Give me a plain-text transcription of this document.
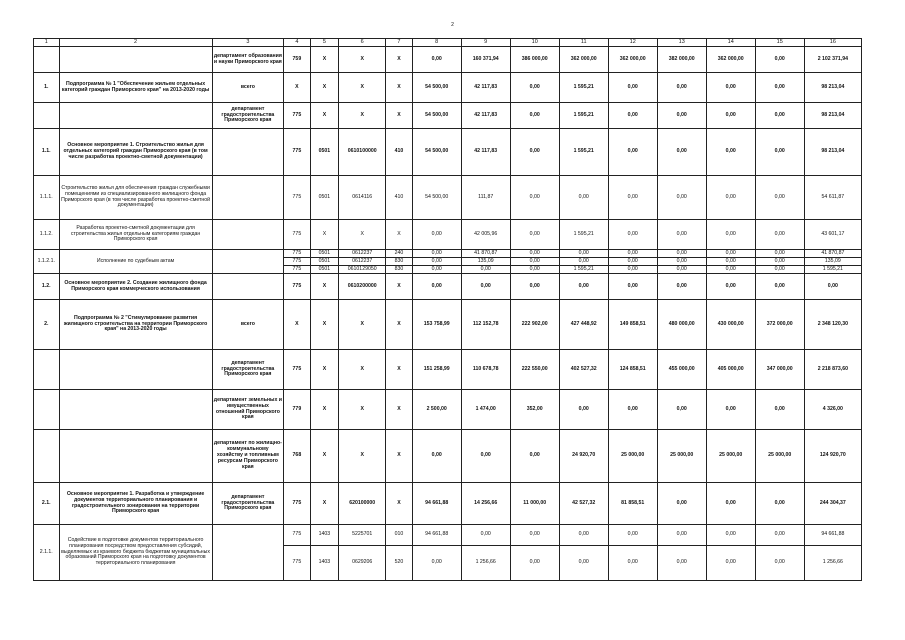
2
1	2	3	4	5	6	7	8	9	10	11	12	13	14	15	16
		департамент образования и науки Приморского края	759	X	X	X	0,00	160 371,94	386 000,00	362 000,00	362 000,00	382 000,00	362 000,00	0,00	2 102 371,94
1.	Подпрограмма № 1 "Обеспечение жильем отдельных категорий граждан Приморского края" на 2013-2020 годы	всего	X	X	X	X	54 500,00	42 117,83	0,00	1 595,21	0,00	0,00	0,00	0,00	98 213,04
		департамент градостроительства Приморского края	775	X	X	X	54 500,00	42 117,83	0,00	1 595,21	0,00	0,00	0,00	0,00	98 213,04
1.1.	Основное мероприятие 1. Строительство жилья для отдельных категорий граждан Приморского края (в том числе разработка проектно-сметной документации)		775	0501	0610100000	410	54 500,00	42 117,83	0,00	1 595,21	0,00	0,00	0,00	0,00	98 213,04
1.1.1.	Строительство жилья для обеспечения граждан служебными помещениями из специализированного жилищного фонда Приморского края (в том числе разработка проектно-сметной документации)		775	0501	0614116	410	54 500,00	111,87	0,00	0,00	0,00	0,00	0,00	0,00	54 611,87
1.1.2.	Разработка проектно-сметной документации для строительства жилья отдельным категориям граждан Приморского края		775	X	X	X	0,00	42 005,96	0,00	1 595,21	0,00	0,00	0,00	0,00	43 601,17
1.1.2.1.	Исполнение по судебным актам		775	0501	0612237	240	0,00	41 870,87	0,00	0,00	0,00	0,00	0,00	0,00	41 870,87
			775	0501	0612237	830	0,00	135,09	0,00	0,00	0,00	0,00	0,00	0,00	135,09
			775	0501	0610129050	830	0,00	0,00	0,00	1 595,21	0,00	0,00	0,00	0,00	1 595,21
1.2.	Основное мероприятие 2. Создание жилищного фонда Приморского края коммерческого использования		775	X	0610200000	X	0,00	0,00	0,00	0,00	0,00	0,00	0,00	0,00	0,00
2.	Подпрограмма № 2 "Стимулирование развития жилищного строительства на территории Приморского края" на 2013-2020 годы	всего	X	X	X	X	153 758,99	112 152,78	222 902,00	427 448,92	149 858,51	480 000,00	430 000,00	372 000,00	2 348 120,30
		департамент градостроительства Приморского края	775	X	X	X	151 258,99	110 678,78	222 550,00	402 527,32	124 858,51	455 000,00	405 000,00	347 000,00	2 218 873,60
		департамент земельных и имущественных отношений Приморского края	779	X	X	X	2 500,00	1 474,00	352,00	0,00	0,00	0,00	0,00	0,00	4 326,00
		департамент по жилищно-коммунальному хозяйству и топливным ресурсам Приморского края	768	X	X	X	0,00	0,00	0,00	24 920,70	25 000,00	25 000,00	25 000,00	25 000,00	124 920,70
2.1.	Основное мероприятие 1. Разработка и утверждение документов территориального планирования и градостроительного зонирования на территории Приморского края	департамент градостроительства Приморского края	775	X	620100000	X	94 661,88	14 256,66	11 000,00	42 527,32	81 858,51	0,00	0,00	0,00	244 304,37
2.1.1.	Содействие в подготовке документов территориального планирования посредством предоставления субсидий, выделяемых из краевого бюджета бюджетам муниципальных образований Приморского края на подготовку документов территориального планирования		775	1403	5225701	010	94 661,88	0,00	0,00	0,00	0,00	0,00	0,00	0,00	94 661,88
			775	1403	0629206	520	0,00	1 256,66	0,00	0,00	0,00	0,00	0,00	0,00	1 256,66
